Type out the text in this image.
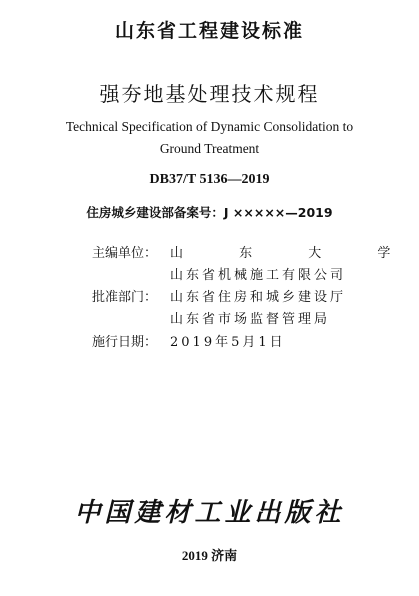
山东省工程建设标准
强夯地基处理技术规程
Technical Specification of Dynamic Consolidation to
Ground Treatment
DB37/T 5136—2019
住房城乡建设部备案号：J ×××××—2019
主编单位： 山 东 大 学
山东省机械施工有限公司
批准部门： 山东省住房和城乡建设厅
山东省市场监督管理局
施行日期： 2019年5月1日
中国建材工业出版社
2019 济南
